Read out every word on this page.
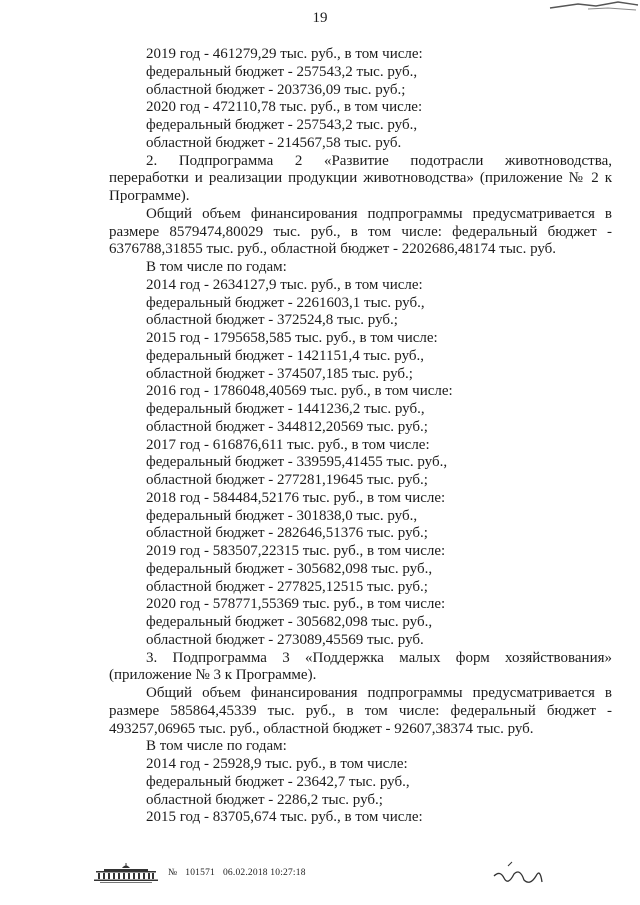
19
2019 год - 461279,29 тыс. руб., в том числе:
федеральный бюджет - 257543,2 тыс. руб.,
областной бюджет - 203736,09 тыс. руб.;
2020 год - 472110,78 тыс. руб., в том числе:
федеральный бюджет - 257543,2 тыс. руб.,
областной бюджет - 214567,58 тыс. руб.
2. Подпрограмма 2 «Развитие подотрасли животноводства,
переработки и реализации продукции животноводства» (приложение № 2 к
Программе).
Общий объем финансирования подпрограммы предусматривается в
размере 8579474,80029 тыс. руб., в том числе: федеральный бюджет -
6376788,31855 тыс. руб., областной бюджет - 2202686,48174 тыс. руб.
В том числе по годам:
2014 год - 2634127,9 тыс. руб., в том числе:
федеральный бюджет - 2261603,1 тыс. руб.,
областной бюджет - 372524,8 тыс. руб.;
2015 год - 1795658,585 тыс. руб., в том числе:
федеральный бюджет - 1421151,4 тыс. руб.,
областной бюджет - 374507,185 тыс. руб.;
2016 год - 1786048,40569 тыс. руб., в том числе:
федеральный бюджет - 1441236,2 тыс. руб.,
областной бюджет - 344812,20569 тыс. руб.;
2017 год - 616876,611 тыс. руб., в том числе:
федеральный бюджет - 339595,41455 тыс. руб.,
областной бюджет - 277281,19645 тыс. руб.;
2018 год - 584484,52176 тыс. руб., в том числе:
федеральный бюджет - 301838,0 тыс. руб.,
областной бюджет - 282646,51376 тыс. руб.;
2019 год - 583507,22315 тыс. руб., в том числе:
федеральный бюджет - 305682,098 тыс. руб.,
областной бюджет - 277825,12515 тыс. руб.;
2020 год - 578771,55369 тыс. руб., в том числе:
федеральный бюджет - 305682,098 тыс. руб.,
областной бюджет - 273089,45569 тыс. руб.
3. Подпрограмма 3 «Поддержка малых форм хозяйствования»
(приложение № 3 к Программе).
Общий объем финансирования подпрограммы предусматривается в
размере 585864,45339 тыс. руб., в том числе: федеральный бюджет -
493257,06965 тыс. руб., областной бюджет - 92607,38374 тыс. руб.
В том числе по годам:
2014 год - 25928,9 тыс. руб., в том числе:
федеральный бюджет - 23642,7 тыс. руб.,
областной бюджет - 2286,2 тыс. руб.;
2015 год - 83705,674 тыс. руб., в том числе:
№ 101571 06.02.2018 10:27:18
